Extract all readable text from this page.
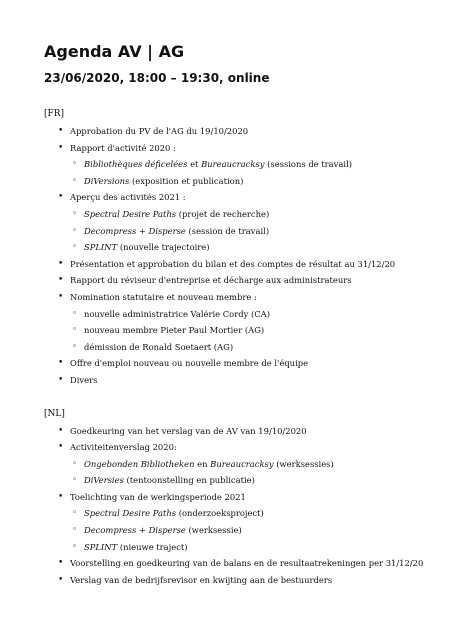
Agenda AV | AG
23/06/2020, 18:00 – 19:30, online
[FR]
• Approbation du PV de l'AG du 19/10/2020
• Rapport d'activité 2020 :
◦ Bibliothèques déficelées et Bureaucracksy (sessions de travail)
◦ DiVersions (exposition et publication)
• Aperçu des activités 2021 :
◦ Spectral Desire Paths (projet de recherche)
◦ Decompress + Disperse (session de travail)
◦ SPLINT (nouvelle trajectoire)
• Présentation et approbation du bilan et des comptes de résultat au 31/12/20
• Rapport du réviseur d'entreprise et décharge aux administrateurs
• Nomination statutaire et nouveau membre :
◦ nouvelle administratrice Valérie Cordy (CA)
◦ nouveau membre Pieter Paul Mortier (AG)
◦ démission de Ronald Soetaert (AG)
• Offre d'emploi nouveau ou nouvelle membre de l'équipe
• Divers
[NL]
• Goedkeuring van het verslag van de AV van 19/10/2020
• Activiteitenverslag 2020:
◦ Ongebonden Bibliotheken en Bureaucracksy (werksessies)
◦ DiVersies (tentoonstelling en publicatie)
• Toelichting van de werkingsperiode 2021
◦ Spectral Desire Paths (onderzoeksproject)
◦ Decompress + Disperse (werksessie)
◦ SPLINT (nieuwe traject)
• Voorstelling en goedkeuring van de balans en de resultaatrekeningen per 31/12/20
• Verslag van de bedrijfsrevisor en kwijting aan de bestuurders
